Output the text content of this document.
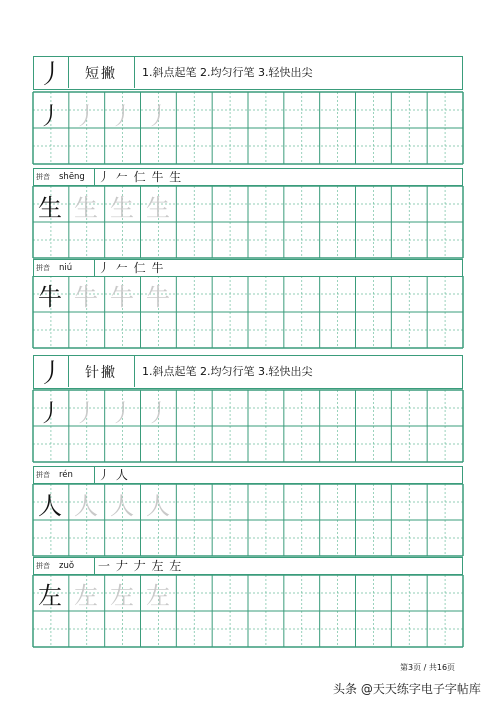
丿	短撇	1.斜点起笔 2.均匀行笔 3.轻快出尖
丿 丿 丿 丿
拼音 shēng	丿 𠂉 仁 牛 生
生 生 生 生
拼音 niú	丿 𠂉 仁 牛
牛 牛 牛 牛
丿	针撇	1.斜点起笔 2.均匀行笔 3.轻快出尖
丿 丿 丿 丿
拼音 rén	丿 人
人 人 人 人
拼音 zuǒ	一 𠂇 𠂇 左 左
左 左 左 左
第3页 / 共16页
头条 @天天练字电子字帖库
